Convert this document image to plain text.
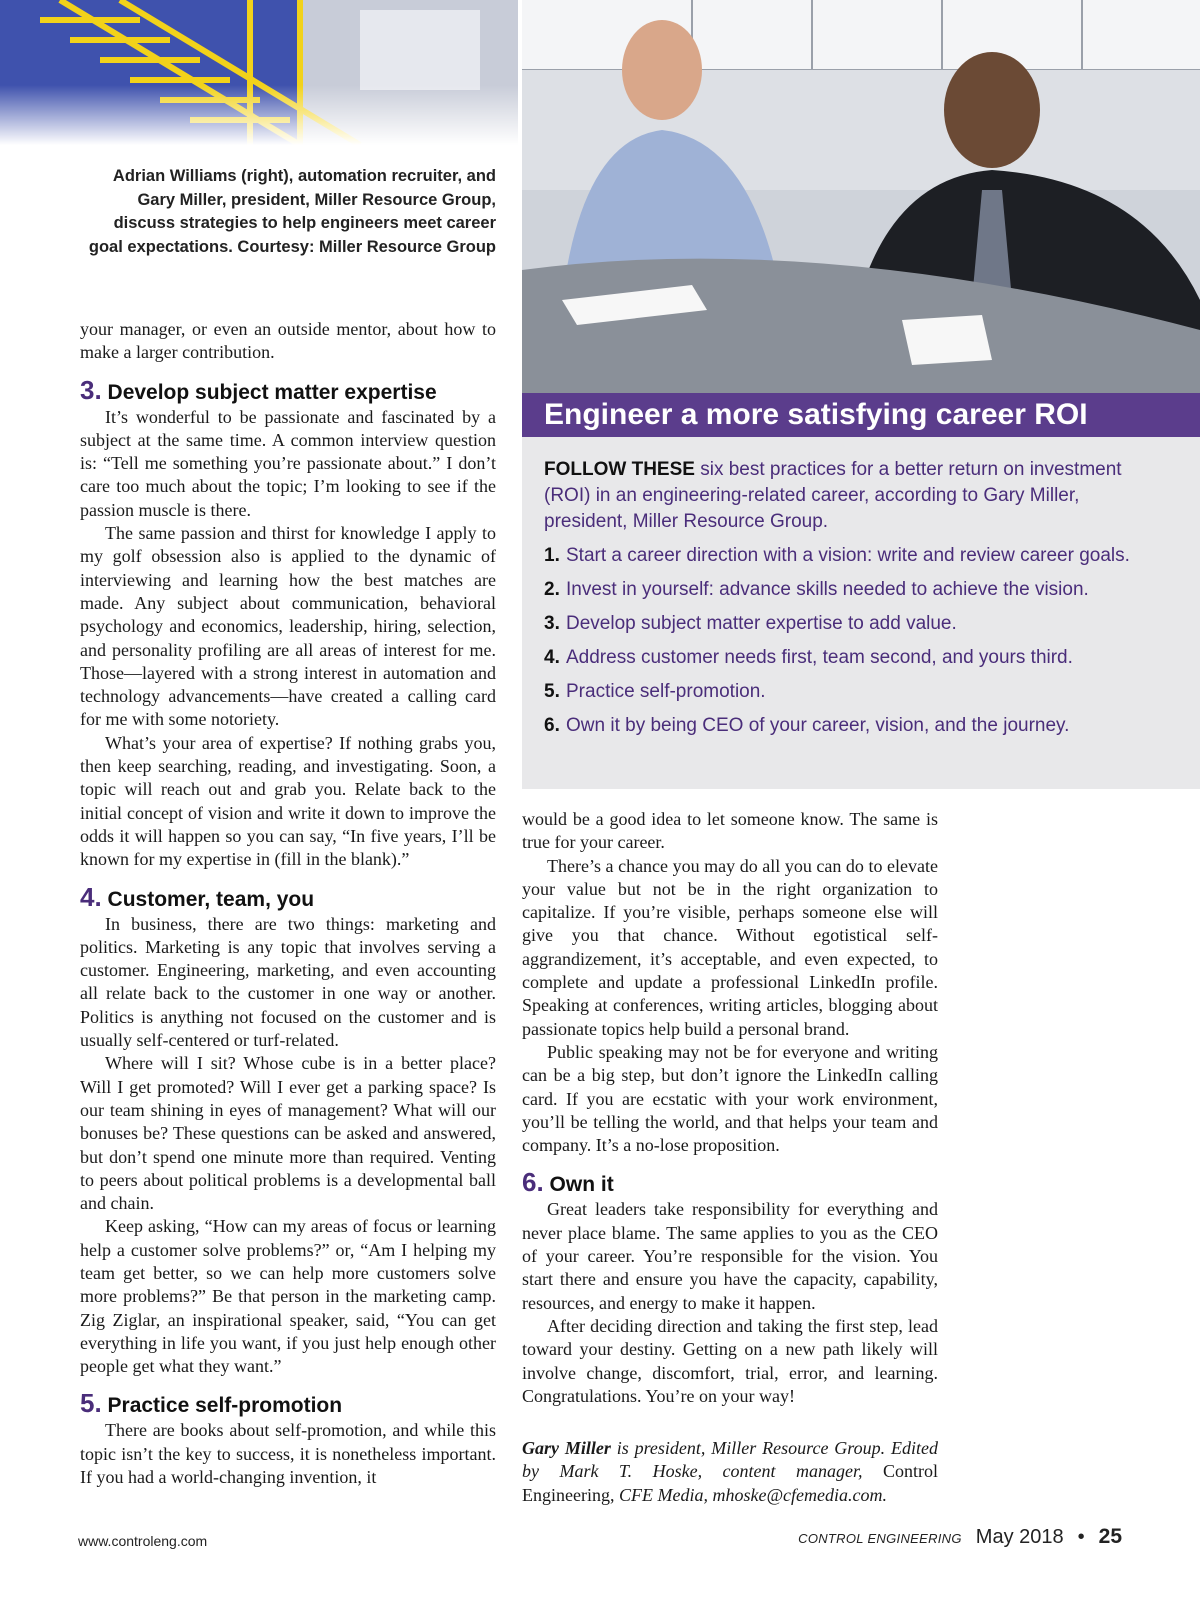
Adrian Williams (right), automation recruiter, and Gary Miller, president, Miller Resource Group, discuss strategies to help engineers meet career goal expectations. Courtesy: Miller Resource Group

your manager, or even an outside mentor, about how to make a larger contribution.

3. Develop subject matter expertise

It’s wonderful to be passionate and fascinated by a subject at the same time. A common interview question is: “Tell me something you’re passionate about.” I don’t care too much about the topic; I’m looking to see if the passion muscle is there.

The same passion and thirst for knowledge I apply to my golf obsession also is applied to the dynamic of interviewing and learning how the best matches are made. Any subject about communication, behavioral psychology and economics, leadership, hiring, selection, and personality profiling are all areas of interest for me. Those—layered with a strong interest in automation and technology advancements—have created a calling card for me with some notoriety.

What’s your area of expertise? If nothing grabs you, then keep searching, reading, and investigating. Soon, a topic will reach out and grab you. Relate back to the initial concept of vision and write it down to improve the odds it will happen so you can say, “In five years, I’ll be known for my expertise in (fill in the blank).”

4. Customer, team, you

In business, there are two things: marketing and politics. Marketing is any topic that involves serving a customer. Engineering, marketing, and even accounting all relate back to the customer in one way or another. Politics is anything not focused on the customer and is usually self-centered or turf-related.

Where will I sit? Whose cube is in a better place? Will I get promoted? Will I ever get a parking space? Is our team shining in eyes of management? What will our bonuses be? These questions can be asked and answered, but don’t spend one minute more than required. Venting to peers about political problems is a developmental ball and chain.

Keep asking, “How can my areas of focus or learning help a customer solve problems?” or, “Am I helping my team get better, so we can help more customers solve more problems?” Be that person in the marketing camp. Zig Ziglar, an inspirational speaker, said, “You can get everything in life you want, if you just help enough other people get what they want.”

5. Practice self-promotion

There are books about self-promotion, and while this topic isn’t the key to success, it is nonetheless important. If you had a world-changing invention, it

Engineer a more satisfying career ROI

FOLLOW THESE six best practices for a better return on investment (ROI) in an engineering-related career, according to Gary Miller, president, Miller Resource Group.

1. Start a career direction with a vision: write and review career goals.
2. Invest in yourself: advance skills needed to achieve the vision.
3. Develop subject matter expertise to add value.
4. Address customer needs first, team second, and yours third.
5. Practice self-promotion.
6. Own it by being CEO of your career, vision, and the journey.

would be a good idea to let someone know. The same is true for your career.

There’s a chance you may do all you can do to elevate your value but not be in the right organization to capitalize. If you’re visible, perhaps someone else will give you that chance. Without egotistical self-aggrandizement, it’s acceptable, and even expected, to complete and update a professional LinkedIn profile. Speaking at conferences, writing articles, blogging about passionate topics help build a personal brand.

Public speaking may not be for everyone and writing can be a big step, but don’t ignore the LinkedIn calling card. If you are ecstatic with your work environment, you’ll be telling the world, and that helps your team and company. It’s a no-lose proposition.

6. Own it

Great leaders take responsibility for everything and never place blame. The same applies to you as the CEO of your career. You’re responsible for the vision. You start there and ensure you have the capacity, capability, resources, and energy to make it happen.

After deciding direction and taking the first step, lead toward your destiny. Getting on a new path likely will involve change, discomfort, trial, error, and learning. Congratulations. You’re on your way!

Gary Miller is president, Miller Resource Group. Edited by Mark T. Hoske, content manager, Control Engineering, CFE Media, mhoske@cfemedia.com.
www.controleng.com	CONTROL ENGINEERING May 2018 • 25
